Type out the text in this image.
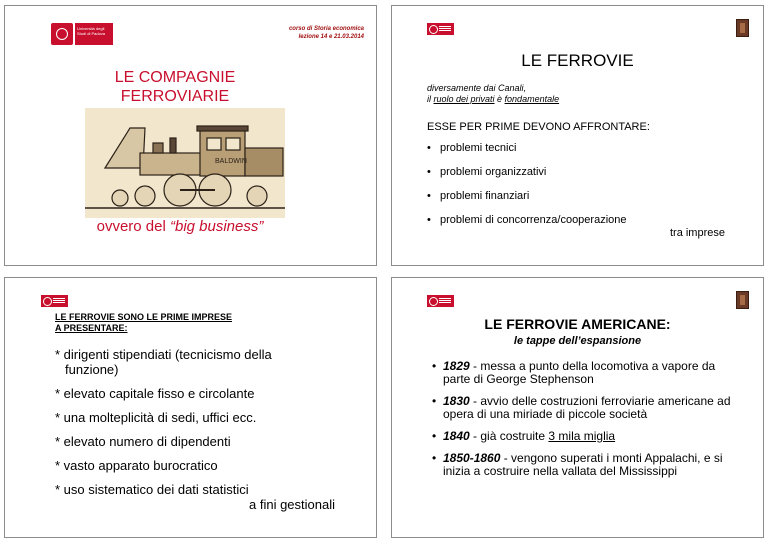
Università degli Studi di Padova
corso di Storia economica
lezione 14 e 21.03.2014
LE COMPAGNIE
FERROVIARIE
BALDWIN
ovvero del “big business”
LE FERROVIE
diversamente dai Canali,
il ruolo dei privati è fondamentale
ESSE PER PRIME DEVONO AFFRONTARE:
• problemi tecnici
• problemi organizzativi
• problemi finanziari
• problemi di concorrenza/cooperazione
tra imprese
LE FERROVIE SONO LE PRIME IMPRESE
A PRESENTARE:
* dirigenti stipendiati (tecnicismo della
funzione)
* elevato capitale fisso e circolante
* una molteplicità di sedi, uffici ecc.
* elevato numero di dipendenti
* vasto apparato burocratico
* uso sistematico dei dati statistici
a fini gestionali
LE FERROVIE AMERICANE:
le tappe dell’espansione
• 1829 - messa a punto della locomotiva a vapore da parte di George Stephenson
• 1830 - avvio delle costruzioni ferroviarie americane ad opera di una miriade di piccole società
• 1840 - già costruite 3 mila miglia
• 1850-1860 - vengono superati i monti Appalachi, e si inizia a costruire nella vallata del Mississippi
